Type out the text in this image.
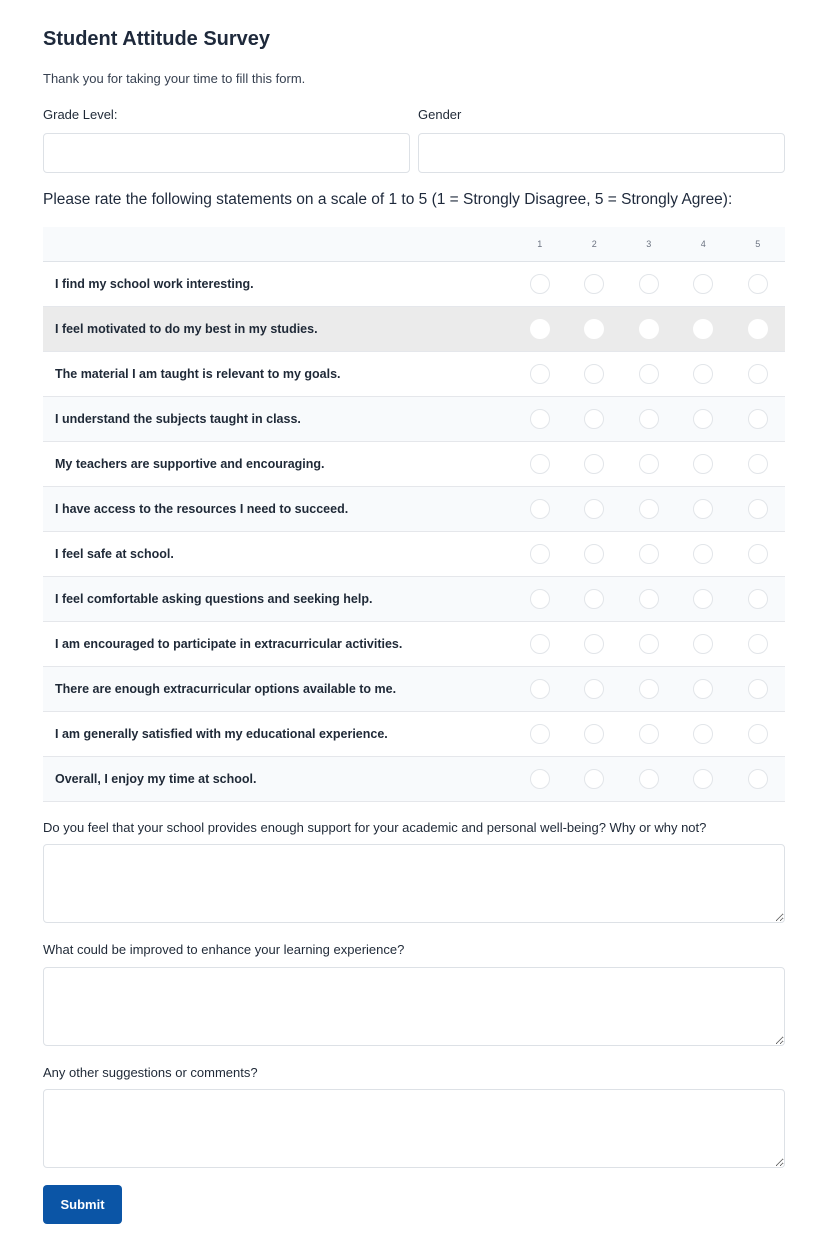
Student Attitude Survey
Thank you for taking your time to fill this form.
Grade Level:	Gender
Please rate the following statements on a scale of 1 to 5 (1 = Strongly Disagree, 5 = Strongly Agree):
	1	2	3	4	5
I find my school work interesting.					
I feel motivated to do my best in my studies.					
The material I am taught is relevant to my goals.					
I understand the subjects taught in class.					
My teachers are supportive and encouraging.					
I have access to the resources I need to succeed.					
I feel safe at school.					
I feel comfortable asking questions and seeking help.					
I am encouraged to participate in extracurricular activities.					
There are enough extracurricular options available to me.					
I am generally satisfied with my educational experience.					
Overall, I enjoy my time at school.					
Do you feel that your school provides enough support for your academic and personal well-being? Why or why not?
What could be improved to enhance your learning experience?
Any other suggestions or comments?
Submit
